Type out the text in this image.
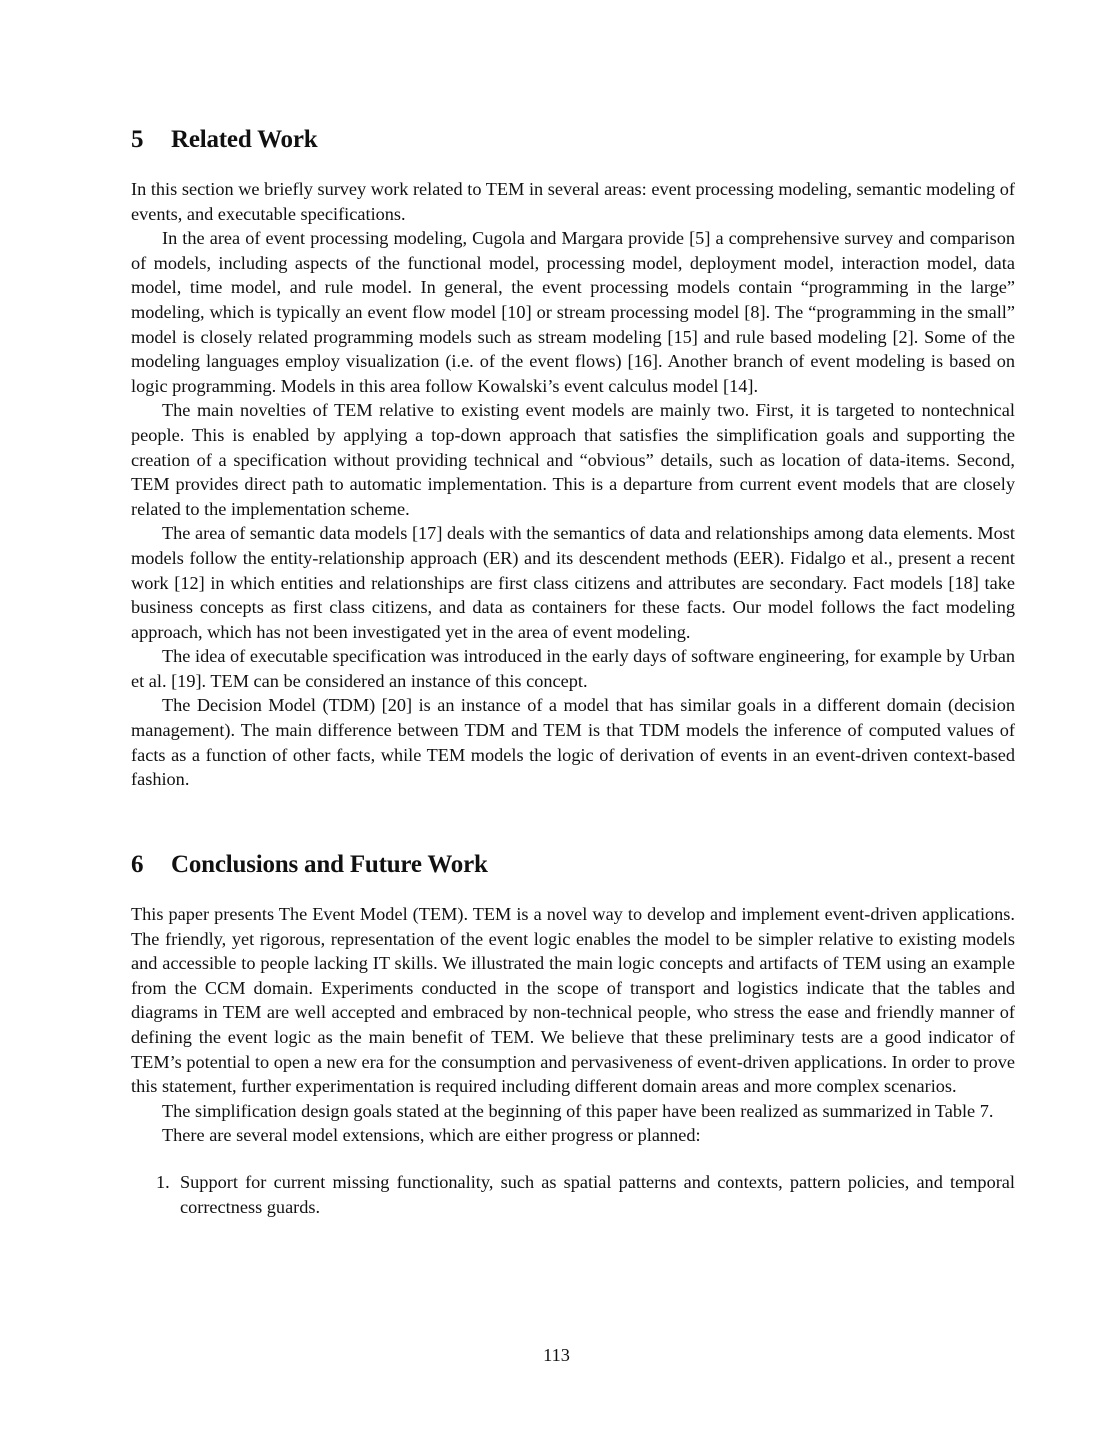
5 Related Work

In this section we briefly survey work related to TEM in several areas: event processing modeling, semantic modeling of events, and executable specifications.

In the area of event processing modeling, Cugola and Margara provide [5] a comprehensive survey and comparison of models, including aspects of the functional model, processing model, deployment model, interaction model, data model, time model, and rule model. In general, the event processing models contain “programming in the large” modeling, which is typically an event flow model [10] or stream processing model [8]. The “programming in the small” model is closely related programming models such as stream modeling [15] and rule based modeling [2]. Some of the modeling languages employ visualization (i.e. of the event flows) [16]. Another branch of event modeling is based on logic programming. Models in this area follow Kowalski’s event calculus model [14].

The main novelties of TEM relative to existing event models are mainly two. First, it is targeted to nontechnical people. This is enabled by applying a top-down approach that satisfies the simplification goals and supporting the creation of a specification without providing technical and “obvious” details, such as location of data-items. Second, TEM provides direct path to automatic implementation. This is a departure from current event models that are closely related to the implementation scheme.

The area of semantic data models [17] deals with the semantics of data and relationships among data elements. Most models follow the entity-relationship approach (ER) and its descendent methods (EER). Fidalgo et al., present a recent work [12] in which entities and relationships are first class citizens and attributes are secondary. Fact models [18] take business concepts as first class citizens, and data as containers for these facts. Our model follows the fact modeling approach, which has not been investigated yet in the area of event modeling.

The idea of executable specification was introduced in the early days of software engineering, for example by Urban et al. [19]. TEM can be considered an instance of this concept.

The Decision Model (TDM) [20] is an instance of a model that has similar goals in a different domain (decision management). The main difference between TDM and TEM is that TDM models the inference of computed values of facts as a function of other facts, while TEM models the logic of derivation of events in an event-driven context-based fashion.

6 Conclusions and Future Work

This paper presents The Event Model (TEM). TEM is a novel way to develop and implement event-driven applications. The friendly, yet rigorous, representation of the event logic enables the model to be simpler relative to existing models and accessible to people lacking IT skills. We illustrated the main logic concepts and artifacts of TEM using an example from the CCM domain. Experiments conducted in the scope of transport and logistics indicate that the tables and diagrams in TEM are well accepted and embraced by non-technical people, who stress the ease and friendly manner of defining the event logic as the main benefit of TEM. We believe that these preliminary tests are a good indicator of TEM’s potential to open a new era for the consumption and pervasiveness of event-driven applications. In order to prove this statement, further experimentation is required including different domain areas and more complex scenarios.

The simplification design goals stated at the beginning of this paper have been realized as summarized in Table 7.

There are several model extensions, which are either progress or planned:

1. Support for current missing functionality, such as spatial patterns and contexts, pattern policies, and temporal correctness guards.
113
